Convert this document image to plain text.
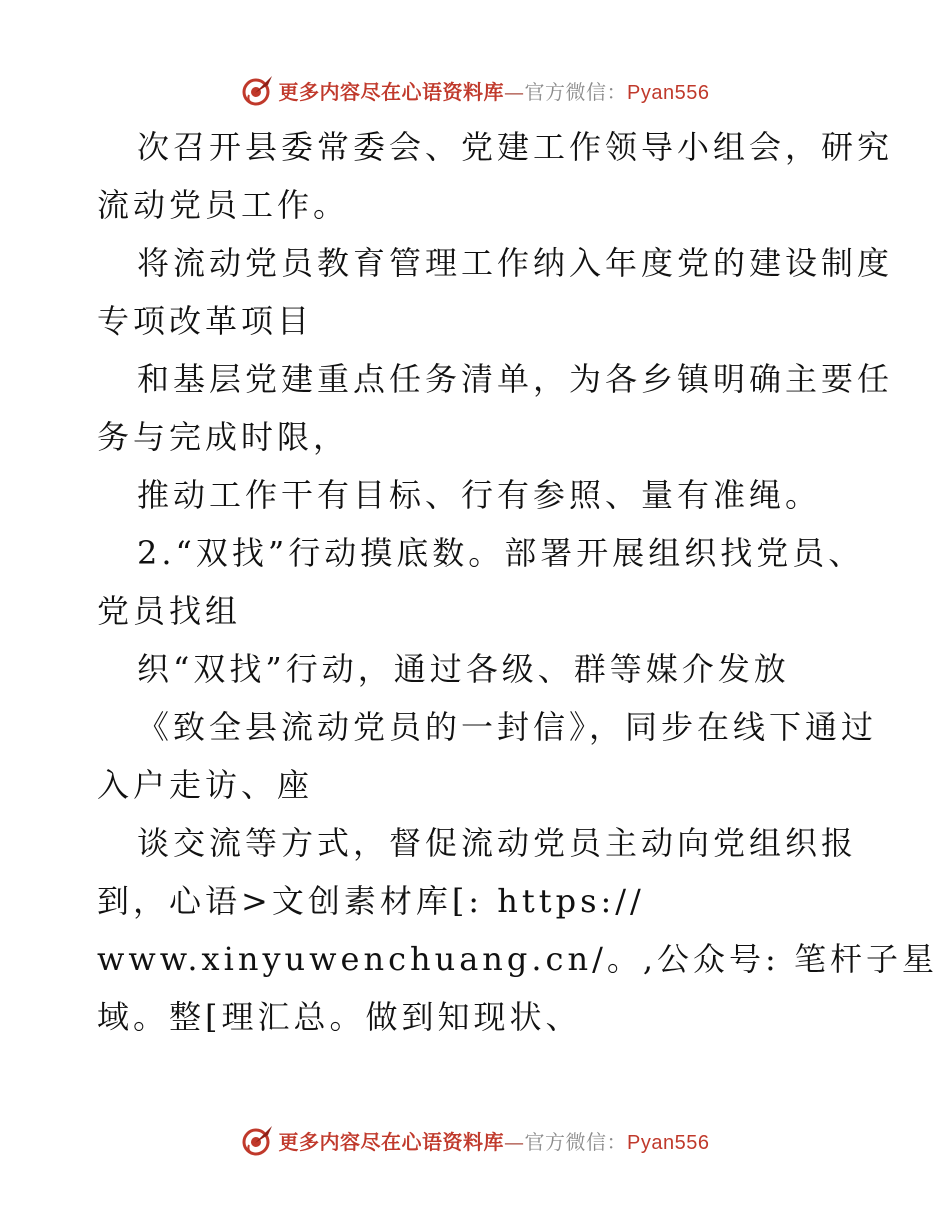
更多内容尽在心语资料库—官方微信：Pyan556
次召开县委常委会、党建工作领导小组会，研究
流动党员工作。
将流动党员教育管理工作纳入年度党的建设制度
专项改革项目
和基层党建重点任务清单，为各乡镇明确主要任
务与完成时限，
推动工作干有目标、行有参照、量有准绳。
2.“双找”行动摸底数。部署开展组织找党员、
党员找组
织“双找”行动，通过各级、群等媒介发放
《致全县流动党员的一封信》，同步在线下通过
入户走访、座
谈交流等方式，督促流动党员主动向党组织报
到，心语>文创素材库[: https://
www.xinyuwenchuang.cn/。,公众号: 笔杆子星
域。整[理汇总。做到知现状、
更多内容尽在心语资料库—官方微信：Pyan556
